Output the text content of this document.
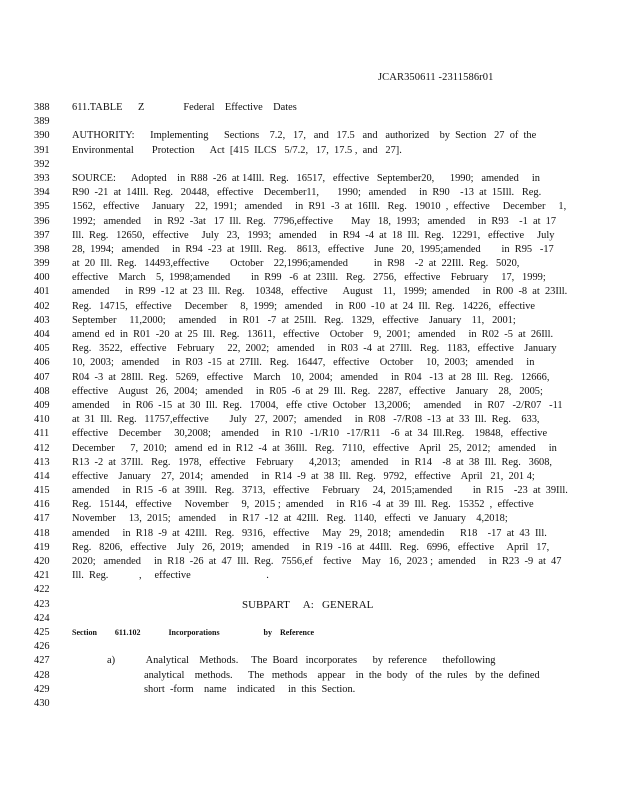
JCAR350611 -2311586r01
388	611.TABLE      Z               Federal    Effective    Dates
389
390	AUTHORITY:      Implementing      Sections    7.2,   17,   and   17.5   and   authorized    by  Section   27  of  the
391	Environmental       Protection      Act  [415  ILCS   5/7.2,   17,  17.5 ,  and   27].
392
393	SOURCE:      Adopted    in  R88  -26  at 14Ill.  Reg.   16517,   effective   September20,      1990;   amended     in
394	R90  -21  at  14Ill.  Reg.   20448,   effective    December11,       1990;   amended     in  R90    -13  at  15Ill.   Reg.
395	1562,   effective     January    22,  1991;   amended     in  R91  -3  at  16Ill.   Reg.   19010  ,  effective     December     1,
396	1992;   amended     in  R92  -3at   17  Ill.  Reg.   7796,effective       May   18,  1993;   amended     in  R93    -1  at  17
397	Ill.  Reg.   12650,   effective     July   23,   1993;   amended     in  R94  -4  at  18  Ill.  Reg.   12291,   effective     July
398	28,  1994;   amended     in  R94  -23  at  19Ill.  Reg.    8613,   effective    June   20,  1995;amended        in  R95   -17
399	at  20  Ill.  Reg.   14493,effective        October    22,1996;amended          in  R98    -2  at  22Ill.  Reg.   5020,
400	effective    March    5,  1998;amended        in  R99   -6  at  23Ill.   Reg.   2756,   effective    February     17,   1999;
401	amended      in  R99  -12  at  23  Ill.  Reg.    10348,   effective      August    11,   1999;  amended     in  R00  -8  at  23Ill.
402	Reg.   14715,   effective     December     8,  1999;   amended     in  R00  -10  at  24  Ill.  Reg.   14226,   effective
403	September     11,2000;     amended     in  R01   -7  at  25Ill.   Reg.   1329,   effective    January    11,   2001;
404	amend  ed  in  R01  -20  at  25  Ill.  Reg.   13611,   effective    October    9,  2001;   amended     in  R02  -5  at  26Ill.
405	Reg.   3522,   effective    February     22,  2002;   amended     in  R03  -4  at  27Ill.   Reg.   1183,   effective    January
406	10,  2003;   amended     in  R03  -15  at  27Ill.   Reg.   16447,   effective    October     10,  2003;   amended     in
407	R04  -3  at  28Ill.  Reg.   5269,   effective    March    10,  2004;   amended     in  R04   -13  at  28  Ill.  Reg.   12666,
408	effective    August   26,  2004;   amended     in  R05  -6  at  29  Ill.  Reg.   2287,   effective    January    28,   2005;
409	amended     in  R06  -15  at  30  Ill.  Reg.   17004,   effe  ctive  October   13,2006;     amended     in  R07   -2/R07   -11
410	at  31  Ill.  Reg.   11757,effective        July   27,  2007;   amended     in  R08   -7/R08  -13  at  33  Ill.  Reg.    633,
411	effective    December     30,2008;    amended     in  R10   -1/R10   -17/R11    -6  at  34  Ill.Reg.    19848,   effective
412	December      7,  2010;   amend  ed  in  R12  -4  at  36Ill.   Reg.   7110,   effective    April   25,  2012;   amended     in
413	R13  -2  at  37Ill.   Reg.   1978,   effective    February      4,2013;    amended     in  R14    -8  at  38  Ill.  Reg.   3608,
414	effective    January    27,  2014;   amended     in  R14  -9  at  38  Ill.  Reg.   9792,   effective    April   21,  201 4;
415	amended     in  R15  -6  at  39Ill.   Reg.   3713,   effective     February     24,  2015;amended        in  R15    -23  at  39Ill.
416	Reg.   15144,   effective     November     9,  2015 ;  amended     in  R16  -4  at  39  Ill.  Reg.   15352  ,  effective
417	November     13,  2015;   amended     in  R17  -12  at  42Ill.   Reg.   1140,   effecti   ve  January    4,2018;
418	amended     in  R18  -9  at  42Ill.   Reg.   9316,   effective     May   29,  2018;   amendedin      R18    -17  at  43  Ill.
419	Reg.   8206,   effective    July   26,  2019;   amended     in  R19  -16  at  44Ill.   Reg.   6996,   effective     April   17,
420	2020;   amended     in  R18  -26  at  47  Ill.  Reg.   7556,ef    fective    May   16,  2023 ;  amended     in  R23  -9  at  47
421	Ill.  Reg.	,     effective	.
422
423	SUBPART     A:   GENERAL
424
425	Section         611.102              Incorporations                      by    Reference
426
427	a)            Analytical    Methods.     The  Board   incorporates      by  reference      thefollowing
428	analytical    methods.      The   methods    appear    in  the  body   of  the  rules   by  the  defined
429	short  -form    name    indicated     in  this  Section.
430
